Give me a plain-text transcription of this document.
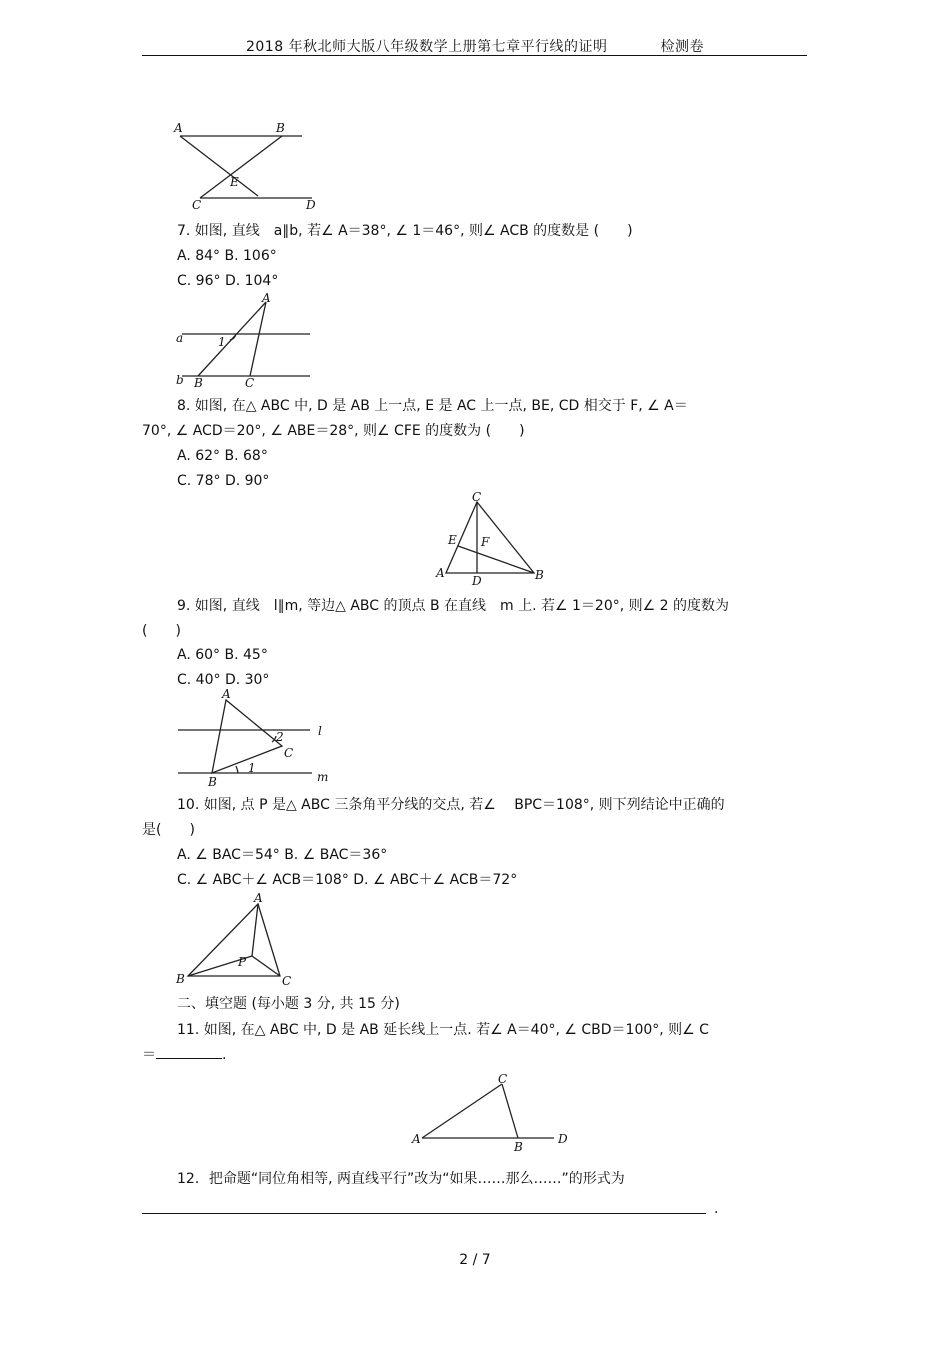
2018 年秋北师大版八年级数学上册第七章平行线的证明	检测卷
A	B
C	D
E
7. 如图, 直线　a∥b, 若∠ A＝38°, ∠ 1＝46°, 则∠ ACB 的度数是 (　　)
A. 84° B. 106°
C. 96° D. 104°
A
a
b B	C
1
8. 如图, 在△ ABC 中, D 是 AB 上一点, E 是 AC 上一点, BE, CD 相交于 F, ∠ A＝
70°, ∠ ACD＝20°, ∠ ABE＝28°, 则∠ CFE 的度数为 (　　)
A. 62° B. 68°
C. 78° D. 90°
C
E F
A
D	B
9. 如图, 直线　l∥m, 等边△ ABC 的顶点 B 在直线　m 上. 若∠ 1＝20°, 则∠ 2 的度数为
(　　)
A. 60° B. 45°
C. 40° D. 30°
A
l
2
C
1
B	m
10. 如图, 点 P 是△ ABC 三条角平分线的交点, 若∠　 BPC＝108°, 则下列结论中正确的
是(　　)
A. ∠ BAC＝54° B. ∠ BAC＝36°
C. ∠ ABC＋∠ ACB＝108° D. ∠ ABC＋∠ ACB＝72°
A
B
P
C
二、填空题 (每小题 3 分, 共 15 分)
11. 如图, 在△ ABC 中, D 是 AB 延长线上一点. 若∠ A＝40°, ∠ CBD＝100°, 则∠ C
＝	.
C
A
B
D
12．把命题“同位角相等, 两直线平行”改为“如果……那么……”的形式为
.
2 / 7
